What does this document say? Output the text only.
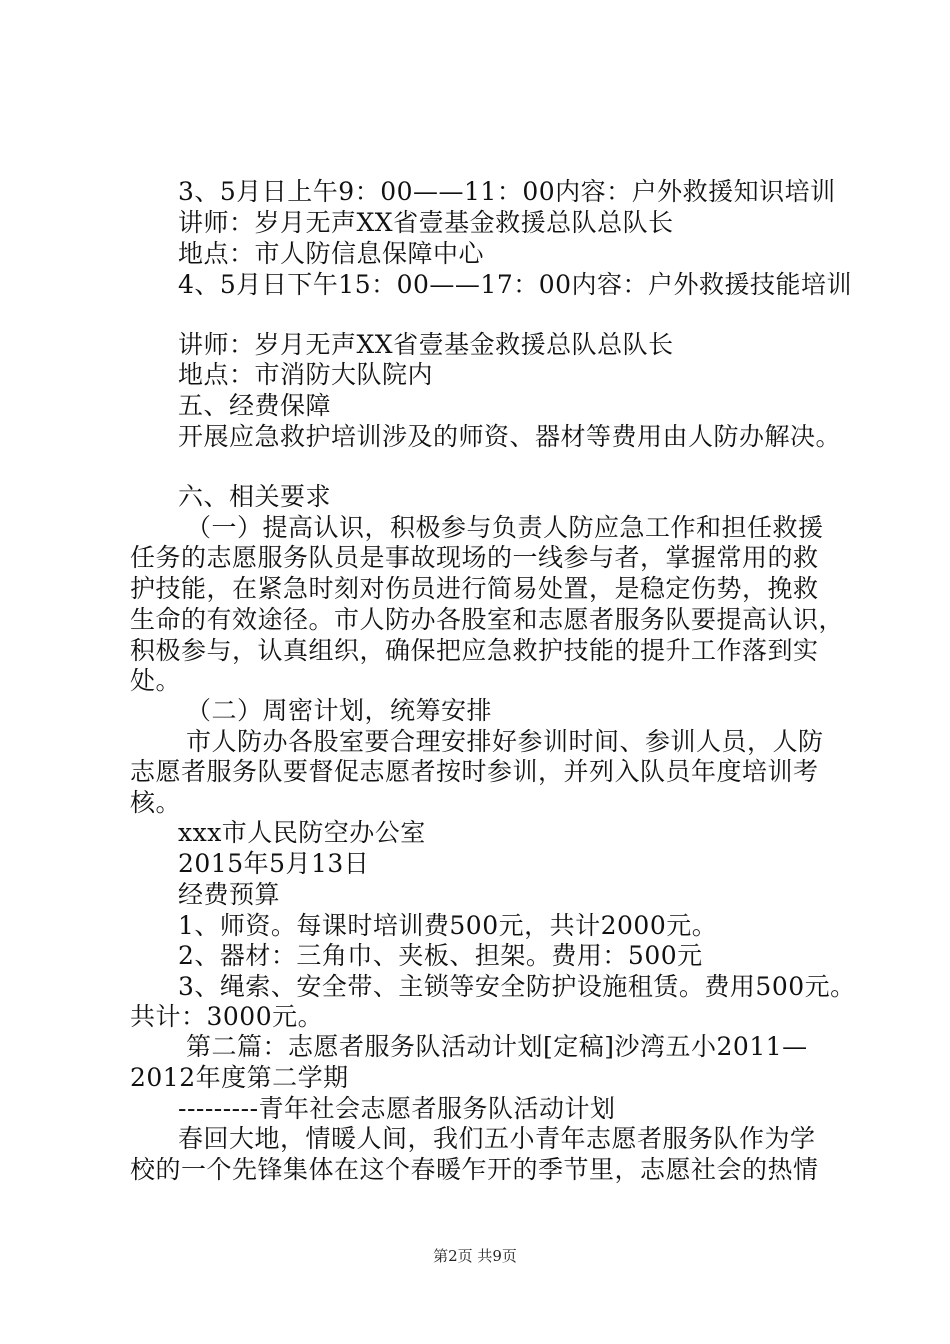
3、5月日上午9：00——11：00内容：户外救援知识培训
讲师：岁月无声XX省壹基金救援总队总队长
地点：市人防信息保障中心
4、5月日下午15：00——17：00内容：户外救援技能培训
讲师：岁月无声XX省壹基金救援总队总队长
地点：市消防大队院内
五、经费保障
开展应急救护培训涉及的师资、器材等费用由人防办解决。
六、相关要求
（一）提高认识，积极参与负责人防应急工作和担任救援
任务的志愿服务队员是事故现场的一线参与者，掌握常用的救
护技能，在紧急时刻对伤员进行简易处置，是稳定伤势，挽救
生命的有效途径。市人防办各股室和志愿者服务队要提高认识，
积极参与，认真组织，确保把应急救护技能的提升工作落到实
处。
（二）周密计划，统筹安排
市人防办各股室要合理安排好参训时间、参训人员，人防
志愿者服务队要督促志愿者按时参训，并列入队员年度培训考
核。
xxx市人民防空办公室
2015年5月13日
经费预算
1、师资。每课时培训费500元，共计2000元。
2、器材：三角巾、夹板、担架。费用：500元
3、绳索、安全带、主锁等安全防护设施租赁。费用500元。
共计：3000元。
第二篇：志愿者服务队活动计划[定稿]沙湾五小2011—
2012年度第二学期
---------青年社会志愿者服务队活动计划
春回大地，情暖人间，我们五小青年志愿者服务队作为学
校的一个先锋集体在这个春暖乍开的季节里，志愿社会的热情
第2页 共9页
